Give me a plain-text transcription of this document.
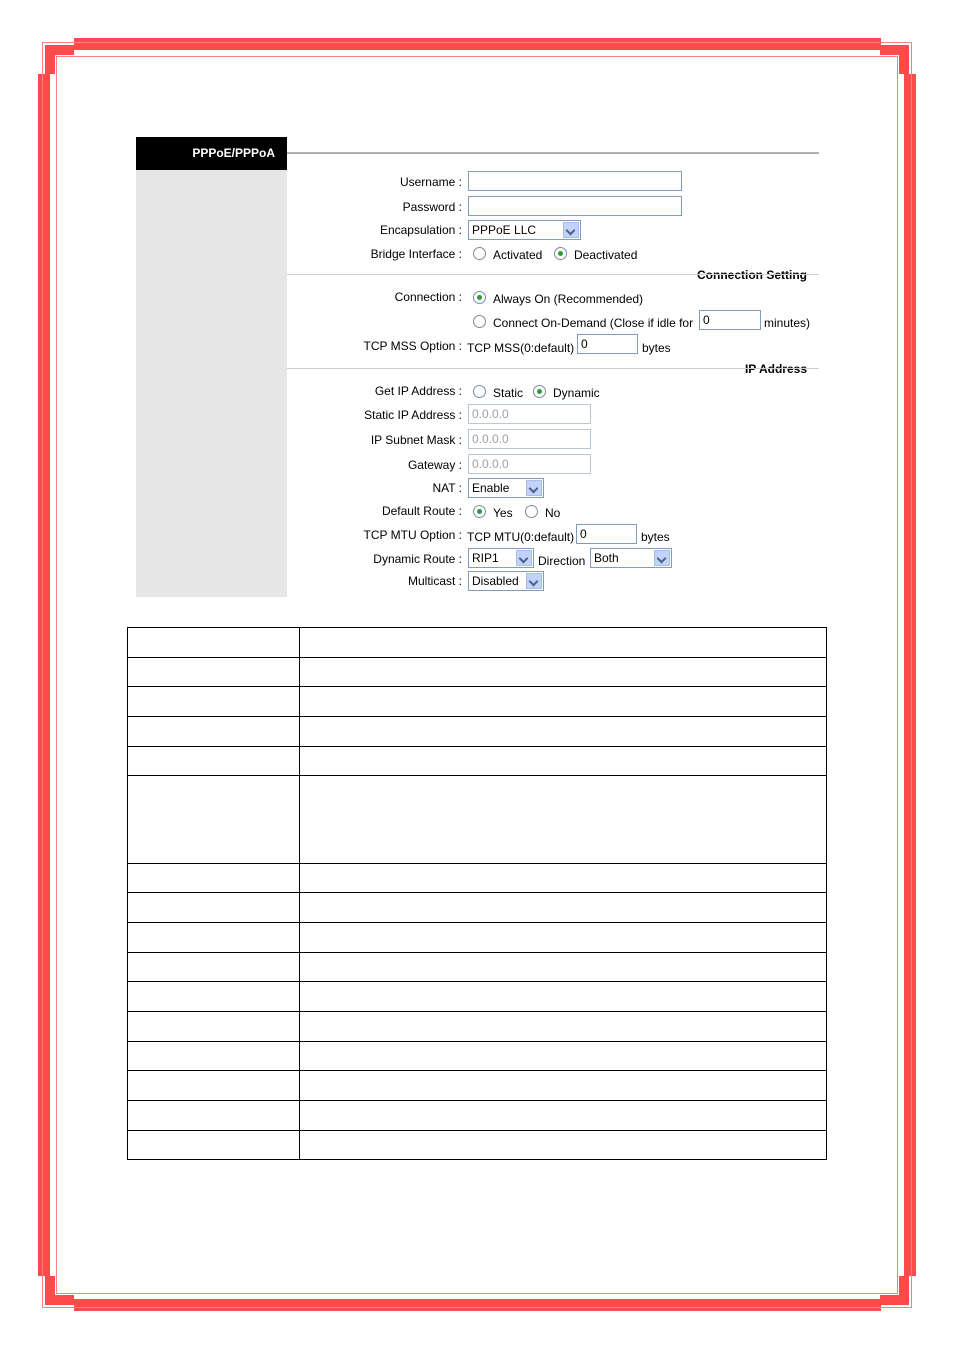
PPPoE/PPPoA
Connection Setting
IP Address
Username :
Password :
Encapsulation : PPPoE LLC
Bridge Interface :	Activated	Deactivated
Connection :	Always On (Recommended)
Connect On-Demand (Close if idle for 0	minutes)
TCP MSS Option : TCP MSS(0:default) 0	bytes
Get IP Address :	Static Dynamic
Static IP Address : 0.0.0.0
IP Subnet Mask : 0.0.0.0
Gateway : 0.0.0.0
NAT : Enable
Default Route :	Yes	No
TCP MTU Option : TCP MTU(0:default) 0	bytes
Dynamic Route : RIP1	Direction Both
Multicast : Disabled
